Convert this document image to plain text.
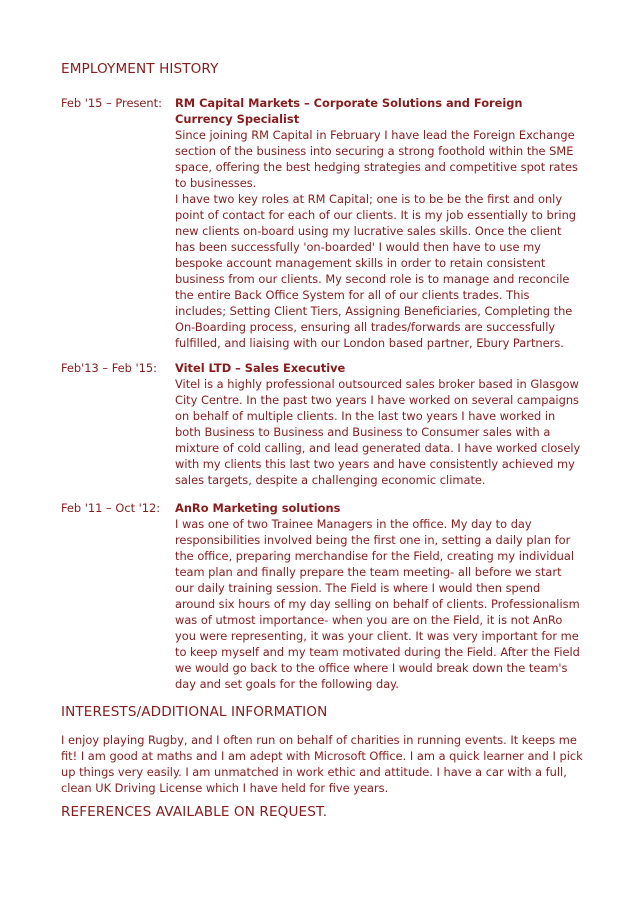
EMPLOYMENT HISTORY
Feb '15 – Present: RM Capital Markets – Corporate Solutions and Foreign Currency Specialist

Since joining RM Capital in February I have lead the Foreign Exchange section of the business into securing a strong foothold within the SME space, offering the best hedging strategies and competitive spot rates to businesses.

I have two key roles at RM Capital; one is to be be the first and only point of contact for each of our clients. It is my job essentially to bring new clients on-board using my lucrative sales skills. Once the client has been successfully 'on-boarded' I would then have to use my bespoke account management skills in order to retain consistent business from our clients. My second role is to manage and reconcile the entire Back Office System for all of our clients trades. This includes; Setting Client Tiers, Assigning Beneficiaries, Completing the On-Boarding process, ensuring all trades/forwards are successfully fulfilled, and liaising with our London based partner, Ebury Partners.

Feb'13 – Feb '15: Vitel LTD – Sales Executive

Vitel is a highly professional outsourced sales broker based in Glasgow City Centre. In the past two years I have worked on several campaigns on behalf of multiple clients. In the last two years I have worked in both Business to Business and Business to Consumer sales with a mixture of cold calling, and lead generated data. I have worked closely with my clients this last two years and have consistently achieved my sales targets, despite a challenging economic climate.

Feb '11 – Oct '12: AnRo Marketing solutions

I was one of two Trainee Managers in the office. My day to day responsibilities involved being the first one in, setting a daily plan for the office, preparing merchandise for the Field, creating my individual team plan and finally prepare the team meeting- all before we start our daily training session. The Field is where I would then spend around six hours of my day selling on behalf of clients. Professionalism was of utmost importance- when you are on the Field, it is not AnRo you were representing, it was your client. It was very important for me to keep myself and my team motivated during the Field. After the Field we would go back to the office where I would break down the team's day and set goals for the following day.

INTERESTS/ADDITIONAL INFORMATION

I enjoy playing Rugby, and I often run on behalf of charities in running events. It keeps me fit! I am good at maths and I am adept with Microsoft Office. I am a quick learner and I pick up things very easily. I am unmatched in work ethic and attitude. I have a car with a full, clean UK Driving License which I have held for five years.

REFERENCES AVAILABLE ON REQUEST.
